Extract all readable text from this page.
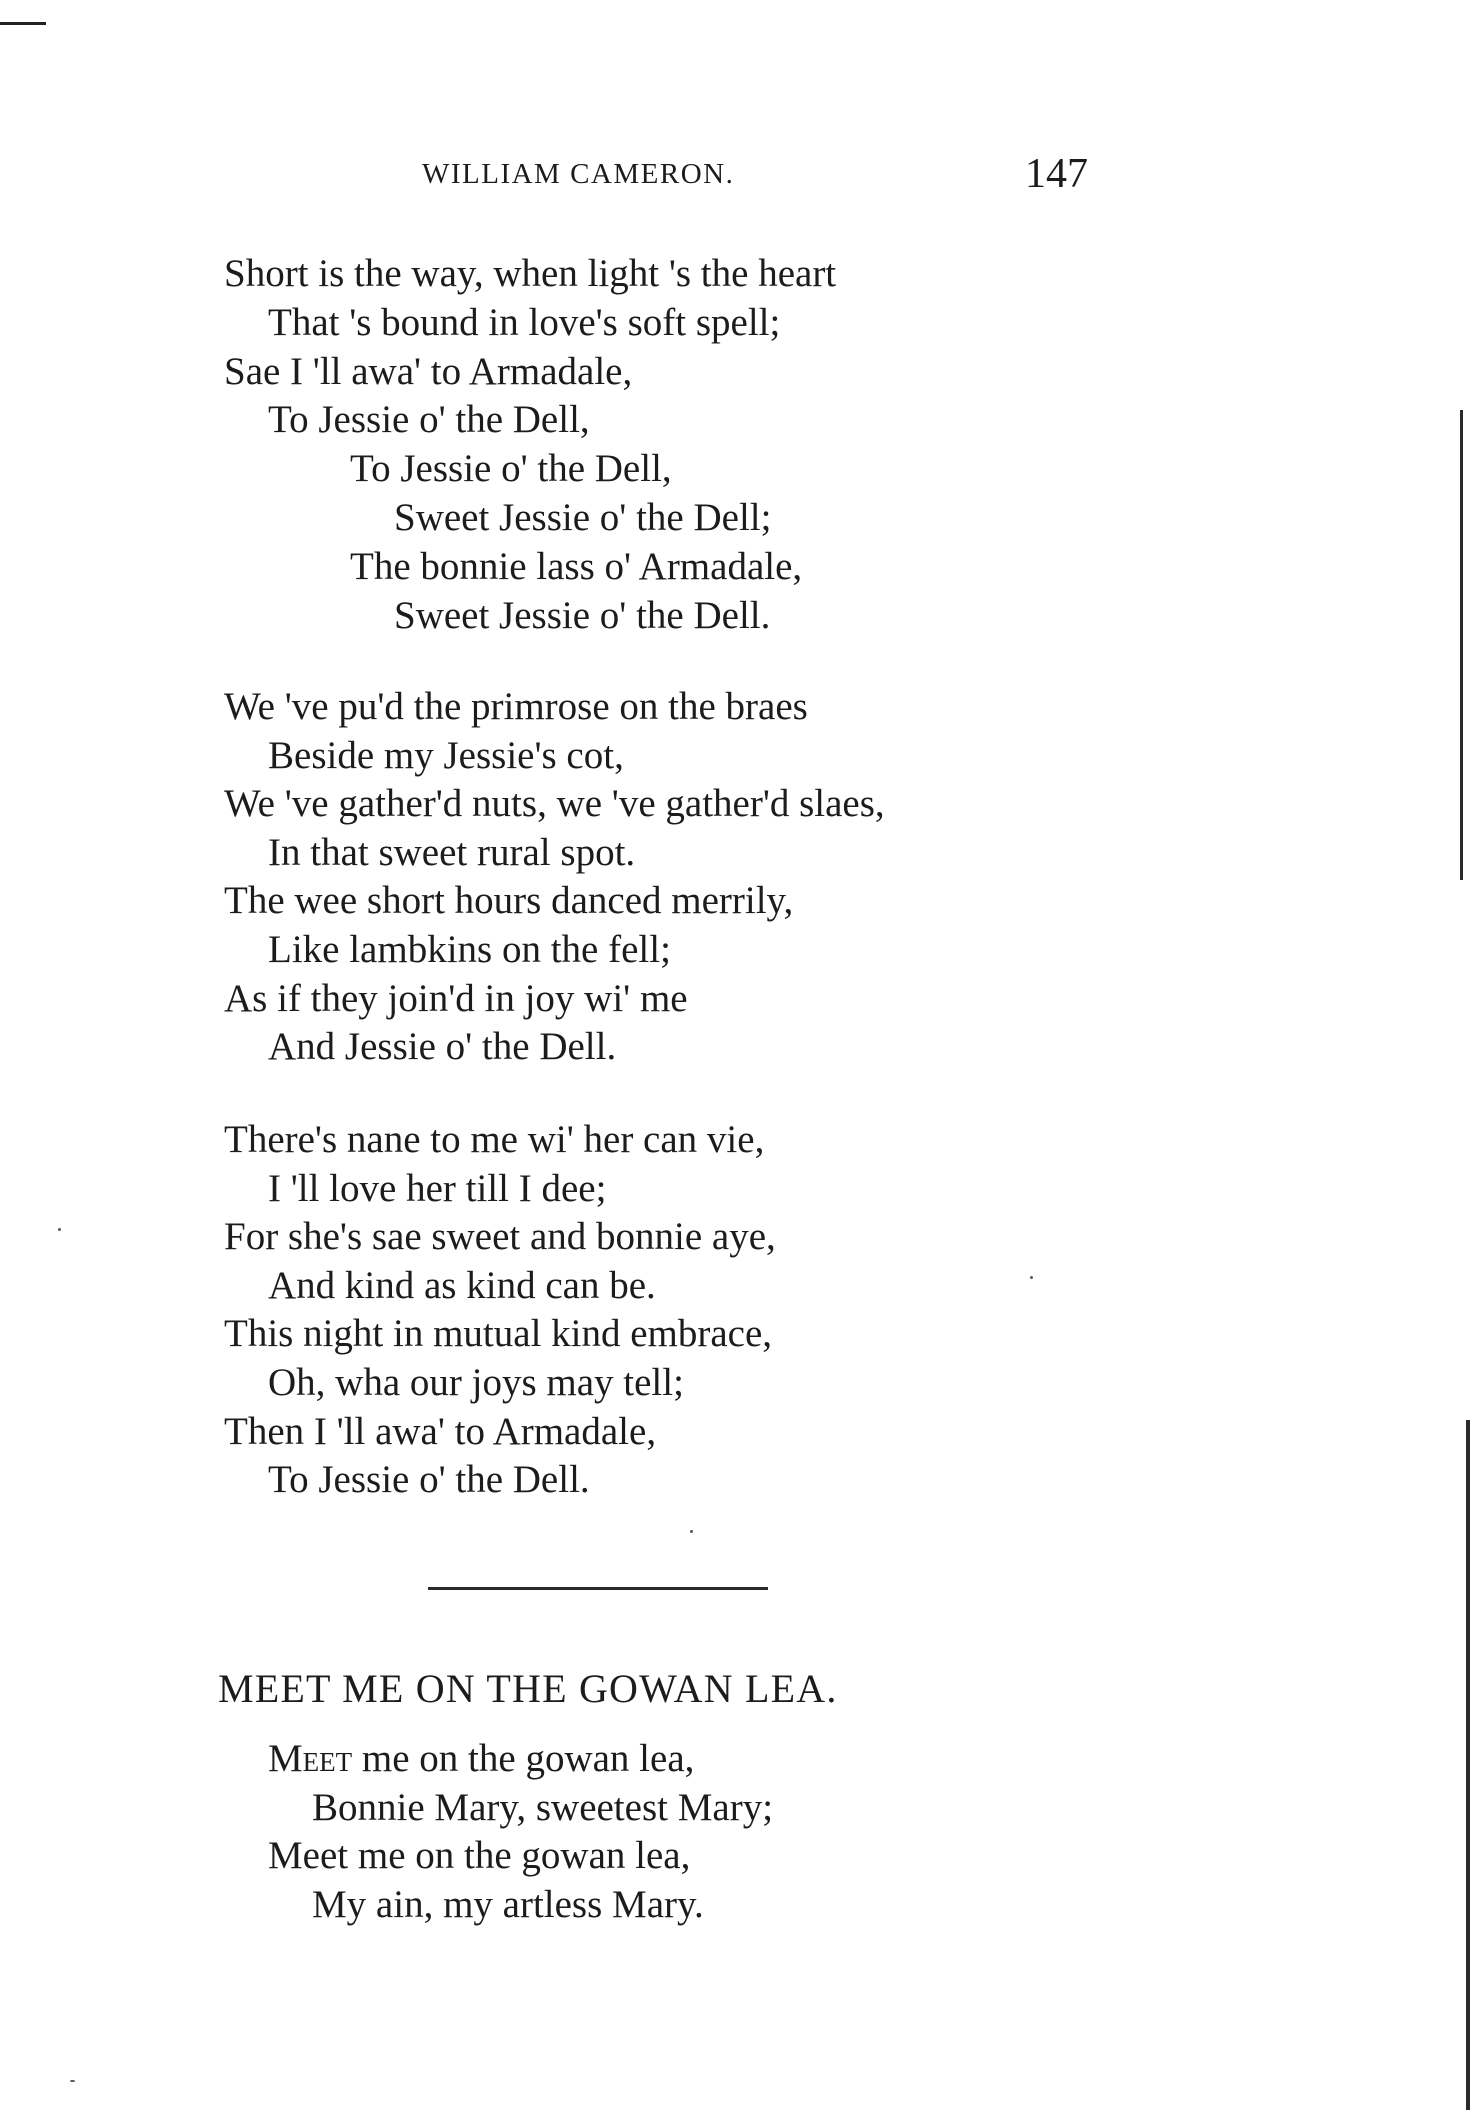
WILLIAM CAMERON.	147
Short is the way, when light 's the heart
That 's bound in love's soft spell;
Sae I 'll awa' to Armadale,
To Jessie o' the Dell,
To Jessie o' the Dell,
Sweet Jessie o' the Dell;
The bonnie lass o' Armadale,
Sweet Jessie o' the Dell.
We 've pu'd the primrose on the braes
Beside my Jessie's cot,
We 've gather'd nuts, we 've gather'd slaes,
In that sweet rural spot.
The wee short hours danced merrily,
Like lambkins on the fell;
As if they join'd in joy wi' me
And Jessie o' the Dell.
There's nane to me wi' her can vie,
I 'll love her till I dee;
For she's sae sweet and bonnie aye,
And kind as kind can be.
This night in mutual kind embrace,
Oh, wha our joys may tell;
Then I 'll awa' to Armadale,
To Jessie o' the Dell.
MEET ME ON THE GOWAN LEA.
Meet me on the gowan lea,
Bonnie Mary, sweetest Mary;
Meet me on the gowan lea,
My ain, my artless Mary.
